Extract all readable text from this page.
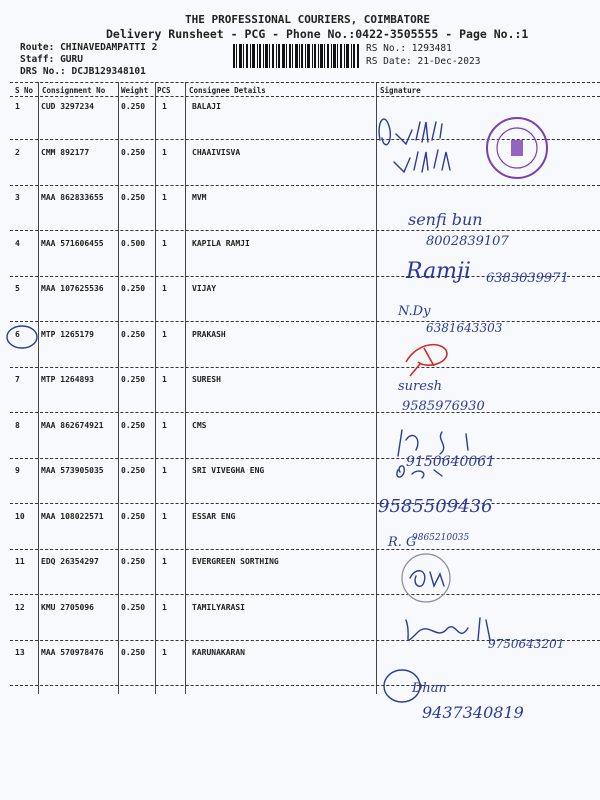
THE PROFESSIONAL COURIERS, COIMBATORE
Delivery Runsheet - PCG - Phone No.:0422-3505555 - Page No.:1
Route: CHINAVEDAMPATTI 2
Staff: GURU
DRS No.: DCJB129348101
RS No.: 1293481
RS Date: 21-Dec-2023
S No Consignment No Weight PCS Consignee Details	Signature
1	CUD 3297234	0.250 1	BALAJI
2	CMM 892177	0.250 1	CHAAIVISVA
3	MAA 862833655 0.250 1	MVM
4	MAA 571606455 0.500 1	KAPILA RAMJI
5	MAA 107625536 0.250 1	VIJAY
6	MTP 1265179	0.250 1	PRAKASH
7	MTP 1264893	0.250 1	SURESH
8	MAA 862674921 0.250 1	CMS
9	MAA 573905035 0.250 1	SRI VIVEGHA ENG
10 MAA 108022571 0.250 1	ESSAR ENG
11 EDQ 26354297	0.250 1	EVERGREEN SORTHING
12 KMU 2705096	0.250 1	TAMILYARASI
13 MAA 570978476 0.250 1	KARUNAKARAN
senfi bun
8002839107
Ramji 6383039971
N.Dy
6381643303
suresh
9585976930
9150640061
9585509436
R. G
9865210035
9750643201
Dhan
9437340819
